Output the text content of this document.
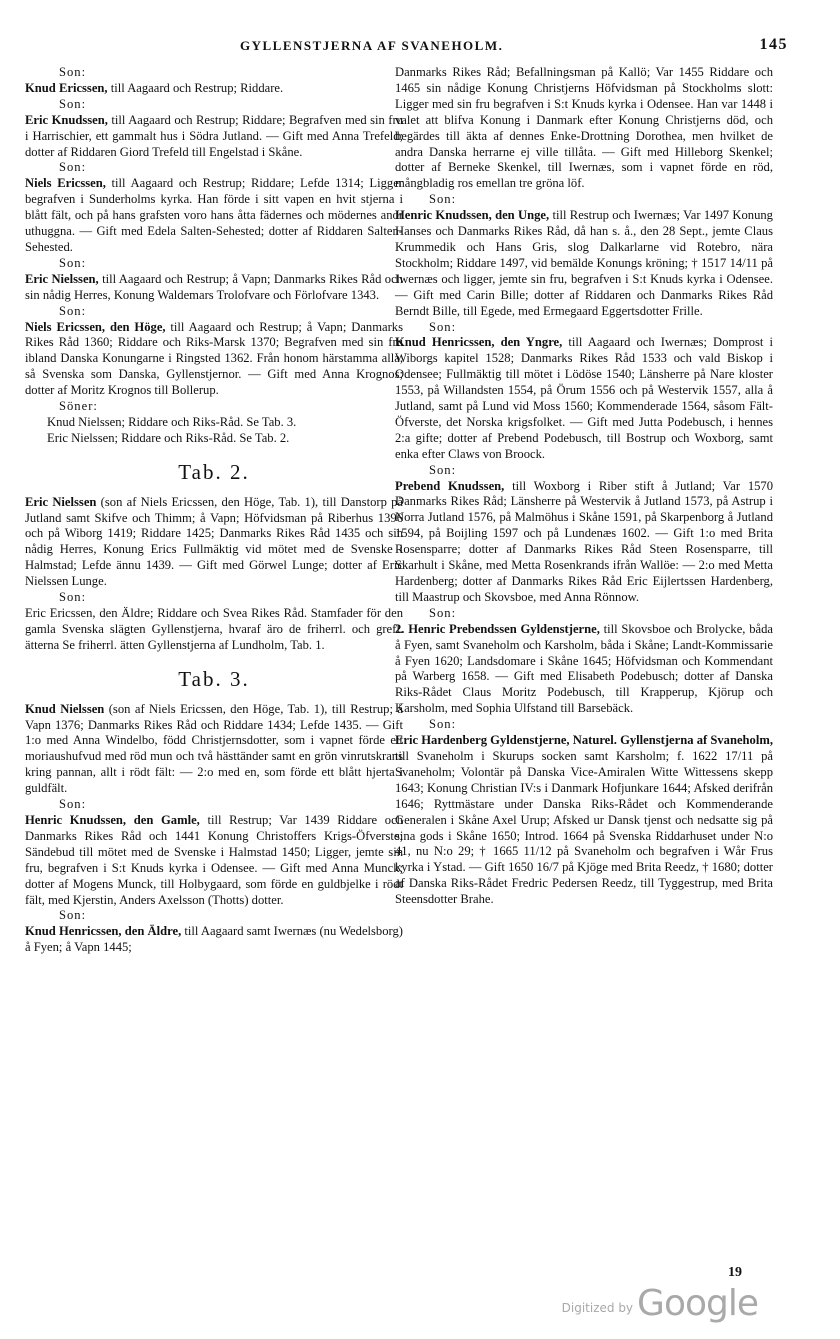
GYLLENSTJERNA AF SVANEHOLM.	145

Son:

Knud Ericssen, till Aagaard och Restrup; Riddare.

Son:

Eric Knudssen, till Aagaard och Restrup; Riddare; Begrafven med sin fru i Harrischier, ett gammalt hus i Södra Jutland. — Gift med Anna Trefeld; dotter af Riddaren Giord Trefeld till Engelstad i Skåne.

Son:

Niels Ericssen, till Aagaard och Restrup; Riddare; Lefde 1314; Ligger begrafven i Sunderholms kyrka. Han förde i sitt vapen en hvit stjerna i blått fält, och på hans grafsten voro hans åtta fädernes och mödernes anor uthuggna. — Gift med Edela Salten-Sehested; dotter af Riddaren Salten-Sehested.

Son:

Eric Nielssen, till Aagaard och Restrup; å Vapn; Danmarks Rikes Råd och sin nådig Herres, Konung Waldemars Trolofvare och Förlofvare 1343.

Son:

Niels Ericssen, den Höge, till Aagaard och Restrup; å Vapn; Danmarks Rikes Råd 1360; Riddare och Riks-Marsk 1370; Begrafven med sin fru ibland Danska Konungarne i Ringsted 1362. Från honom härstamma alla, så Svenska som Danska, Gyllenstjernor. — Gift med Anna Krognos; dotter af Moritz Krognos till Bollerup.

Söner:

Knud Nielssen; Riddare och Riks-Råd. Se Tab. 3.

Eric Nielssen; Riddare och Riks-Råd. Se Tab. 2.

Tab. 2.

Eric Nielssen (son af Niels Ericssen, den Höge, Tab. 1), till Danstorp på Jutland samt Skifve och Thimm; å Vapn; Höfvidsman på Riberhus 1396 och på Wiborg 1419; Riddare 1425; Danmarks Rikes Råd 1435 och sin nådig Herres, Konung Erics Fullmäktig vid mötet med de Svenske i Halmstad; Lefde ännu 1439. — Gift med Görwel Lunge; dotter af Eric Nielssen Lunge.

Son:

Eric Ericssen, den Äldre; Riddare och Svea Rikes Råd. Stamfader för den gamla Svenska slägten Gyllenstjerna, hvaraf äro de friherrl. och grefl. ätterna Se friherrl. ätten Gyllenstjerna af Lundholm, Tab. 1.

Tab. 3.

Knud Nielssen (son af Niels Ericssen, den Höge, Tab. 1), till Restrup; å Vapn 1376; Danmarks Rikes Råd och Riddare 1434; Lefde 1435. — Gift 1:o med Anna Windelbo, född Christjernsdotter, som i vapnet förde ett moriaushufvud med röd mun och två hästtänder samt en grön vinrutskrans kring pannan, allt i rödt fält: — 2:o med en, som förde ett blått hjerta i guldfält.

Son:

Henric Knudssen, den Gamle, till Restrup; Var 1439 Riddare och Danmarks Rikes Råd och 1441 Konung Christoffers Krigs-Öfverste; Sändebud till mötet med de Svenske i Halmstad 1450; Ligger, jemte sin fru, begrafven i S:t Knuds kyrka i Odensee. — Gift med Anna Munck; dotter af Mogens Munck, till Holbygaard, som förde en guldbjelke i rödt fält, med Kjerstin, Anders Axelsson (Thotts) dotter.

Son:

Knud Henricssen, den Äldre, till Aagaard samt Iwernæs (nu Wedelsborg) å Fyen; å Vapn 1445;

Danmarks Rikes Råd; Befallningsman på Kallö; Var 1455 Riddare och 1465 sin nådige Konung Christjerns Höfvidsman på Stockholms slott: Ligger med sin fru begrafven i S:t Knuds kyrka i Odensee. Han var 1448 i valet att blifva Konung i Danmark efter Konung Christjerns död, och begärdes till äkta af dennes Enke-Drottning Dorothea, men hvilket de andra Danska herrarne ej ville tillåta. — Gift med Hilleborg Skenkel; dotter af Berneke Skenkel, till Iwernæs, som i vapnet förde en röd, mångbladig ros emellan tre gröna löf.

Son:

Henric Knudssen, den Unge, till Restrup och Iwernæs; Var 1497 Konung Hanses och Danmarks Rikes Råd, då han s. å., den 28 Sept., jemte Claus Krummedik och Hans Gris, slog Dalkarlarne vid Rotebro, nära Stockholm; Riddare 1497, vid bemälde Konungs kröning; † 1517 14/11 på Iwernæs och ligger, jemte sin fru, begrafven i S:t Knuds kyrka i Odensee. — Gift med Carin Bille; dotter af Riddaren och Danmarks Rikes Råd Berndt Bille, till Egede, med Ermegaard Eggertsdotter Frille.

Son:

Knud Henricssen, den Yngre, till Aagaard och Iwernæs; Domprost i Wiborgs kapitel 1528; Danmarks Rikes Råd 1533 och vald Biskop i Odensee; Fullmäktig till mötet i Lödöse 1540; Länsherre på Nare kloster 1553, på Willandsten 1554, på Örum 1556 och på Westervik 1557, alla å Jutland, samt på Lund vid Moss 1560; Kommenderade 1564, såsom Fält-Öfverste, det Norska krigsfolket. — Gift med Jutta Podebusch, i hennes 2:a gifte; dotter af Prebend Podebusch, till Bostrup och Woxborg, samt enka efter Claws von Broock.

Son:

Prebend Knudssen, till Woxborg i Riber stift å Jutland; Var 1570 Danmarks Rikes Råd; Länsherre på Westervik å Jutland 1573, på Astrup i Norra Jutland 1576, på Malmöhus i Skåne 1591, på Skarpenborg å Jutland 1594, på Boijling 1597 och på Lundenæs 1602. — Gift 1:o med Brita Rosensparre; dotter af Danmarks Rikes Råd Steen Rosensparre, till Skarhult i Skåne, med Metta Rosenkrands ifrån Wallöe: — 2:o med Metta Hardenberg; dotter af Danmarks Rikes Råd Eric Eijlertssen Hardenberg, till Maastrup och Skovsboe, med Anna Rönnow.

Son:

2. Henric Prebendssen Gyldenstjerne, till Skovsboe och Brolycke, båda å Fyen, samt Svaneholm och Karsholm, båda i Skåne; Landt-Kommissarie å Fyen 1620; Landsdomare i Skåne 1645; Höfvidsman och Kommendant på Warberg 1658. — Gift med Elisabeth Podebusch; dotter af Danska Riks-Rådet Claus Moritz Podebusch, till Krapperup, Kjörup och Karsholm, med Sophia Ulfstand till Barsebäck.

Son:

Eric Hardenberg Gyldenstjerne, Naturel. Gyllenstjerna af Svaneholm, till Svaneholm i Skurups socken samt Karsholm; f. 1622 17/11 på Svaneholm; Volontär på Danska Vice-Amiralen Witte Wittessens skepp 1643; Konung Christian IV:s i Danmark Hofjunkare 1644; Afsked derifrån 1646; Ryttmästare under Danska Riks-Rådet och Kommenderande Generalen i Skåne Axel Urup; Afsked ur Dansk tjenst och nedsatte sig på sina gods i Skåne 1650; Introd. 1664 på Svenska Riddarhuset under N:o 41, nu N:o 29; † 1665 11/12 på Svaneholm och begrafven i Wår Frus kyrka i Ystad. — Gift 1650 16/7 på Kjöge med Brita Reedz, † 1680; dotter af Danska Riks-Rådet Fredric Pedersen Reedz, till Tyggestrup, med Brita Steensdotter Brahe.

19
Digitized by Google
